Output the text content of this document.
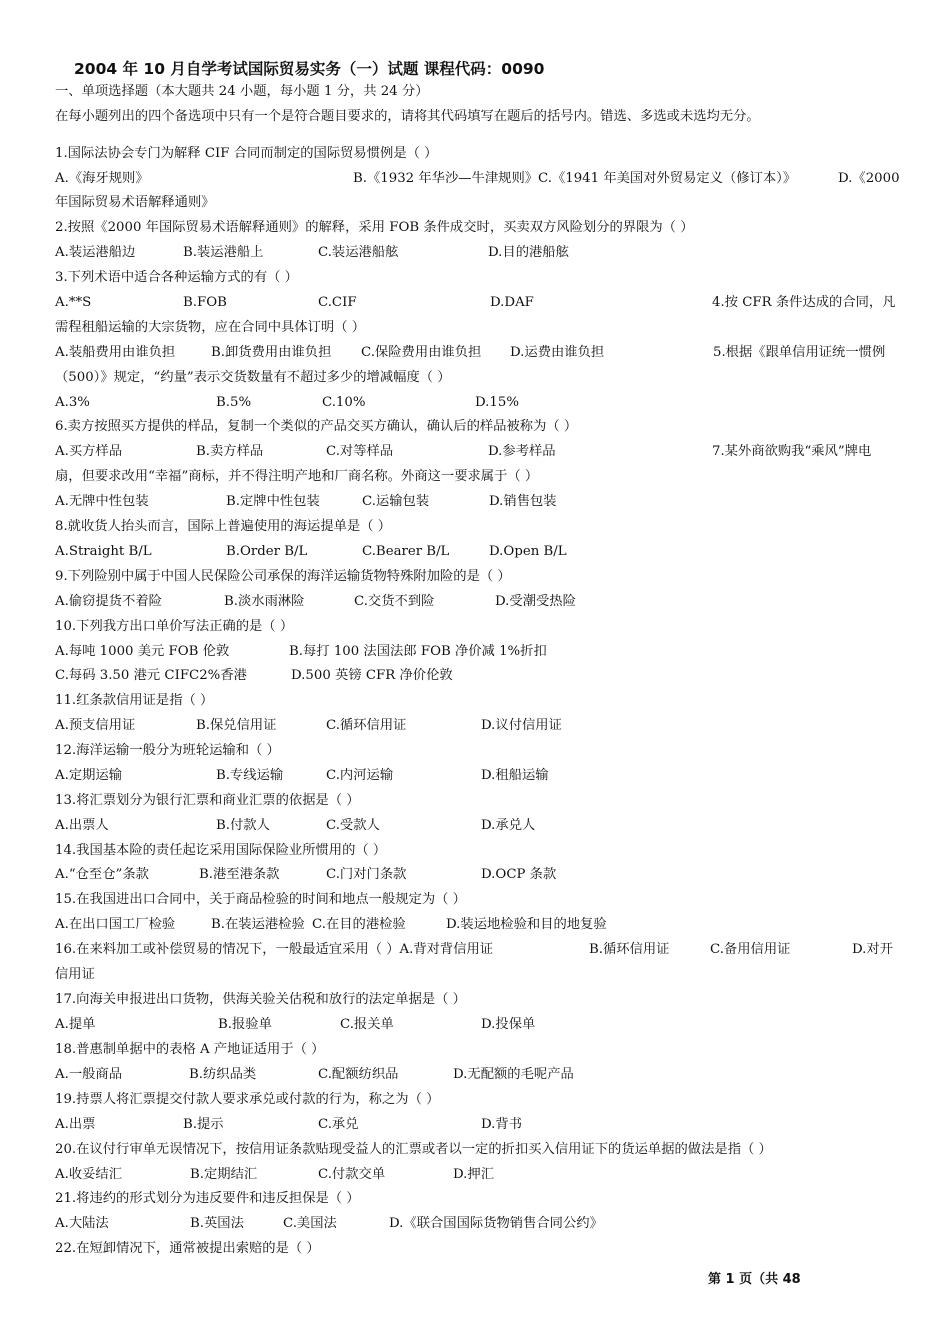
2004 年 10 月自学考试国际贸易实务（一）试题 课程代码：0090
一、单项选择题（本大题共 24 小题，每小题 1 分，共 24 分）
在每小题列出的四个备选项中只有一个是符合题目要求的，请将其代码填写在题后的括号内。错选、多选或未选均无分。
1.国际法协会专门为解释 CIF 合同而制定的国际贸易惯例是（ ）
A.《海牙规则》	B.《1932 年华沙—牛津规则》C.《1941 年美国对外贸易定义（修订本）》	D.《2000
年国际贸易术语解释通则》
2.按照《2000 年国际贸易术语解释通则》的解释，采用 FOB 条件成交时，买卖双方风险划分的界限为（ ）
A.装运港船边	B.装运港船上	C.装运港船舷	D.目的港船舷
3.下列术语中适合各种运输方式的有（ ）
A.**S	B.FOB	C.CIF	D.DAF	4.按 CFR 条件达成的合同，凡
需程租船运输的大宗货物，应在合同中具体订明（ ）
A.装船费用由谁负担	B.卸货费用由谁负担 C.保险费用由谁负担 D.运费由谁负担	5.根据《跟单信用证统一惯例
（500）》规定，“约量”表示交货数量有不超过多少的增减幅度（ ）
A.3%	B.5%	C.10%	D.15%
6.卖方按照买方提供的样品，复制一个类似的产品交买方确认，确认后的样品被称为（ ）
A.买方样品	B.卖方样品	C.对等样品	D.参考样品	7.某外商欲购我“乘风”牌电
扇，但要求改用“幸福”商标，并不得注明产地和厂商名称。外商这一要求属于（ ）
A.无牌中性包装	B.定牌中性包装	C.运输包装	D.销售包装
8.就收货人抬头而言，国际上普遍使用的海运提单是（ ）
A.Straight B/L	B.Order B/L	C.Bearer B/L	D.Open B/L
9.下列险别中属于中国人民保险公司承保的海洋运输货物特殊附加险的是（ ）
A.偷窃提货不着险	B.淡水雨淋险	C.交货不到险	D.受潮受热险
10.下列我方出口单价写法正确的是（ ）
A.每吨 1000 美元 FOB 伦敦	B.每打 100 法国法郎 FOB 净价减 1%折扣
C.每码 3.50 港元 CIFC2%香港	D.500 英镑 CFR 净价伦敦
11.红条款信用证是指（ ）
A.预支信用证	B.保兑信用证	C.循环信用证	D.议付信用证
12.海洋运输一般分为班轮运输和（ ）
A.定期运输	B.专线运输	C.内河运输	D.租船运输
13.将汇票划分为银行汇票和商业汇票的依据是（ ）
A.出票人	B.付款人	C.受款人	D.承兑人
14.我国基本险的责任起讫采用国际保险业所惯用的（ ）
A.“仓至仓”条款	B.港至港条款	C.门对门条款	D.OCP 条款
15.在我国进出口合同中，关于商品检验的时间和地点一般规定为（ ）
A.在出口国工厂检验	B.在装运港检验 C.在目的港检验	D.装运地检验和目的地复验
16.在来料加工或补偿贸易的情况下，一般最适宜采用（ ）A.背对背信用证	B.循环信用证	C.备用信用证	D.对开
信用证
17.向海关申报进出口货物，供海关验关估税和放行的法定单据是（ ）
A.提单	B.报验单	C.报关单	D.投保单
18.普惠制单据中的表格 A 产地证适用于（ ）
A.一般商品	B.纺织品类	C.配额纺织品	D.无配额的毛呢产品
19.持票人将汇票提交付款人要求承兑或付款的行为，称之为（ ）
A.出票	B.提示	C.承兑	D.背书
20.在议付行审单无误情况下，按信用证条款贴现受益人的汇票或者以一定的折扣买入信用证下的货运单据的做法是指（ ）
A.收妥结汇	B.定期结汇	C.付款交单	D.押汇
21.将违约的形式划分为违反要件和违反担保是（ ）
A.大陆法	B.英国法	C.美国法	D.《联合国国际货物销售合同公约》
22.在短卸情况下，通常被提出索赔的是（ ）
第 1 页（共 48
